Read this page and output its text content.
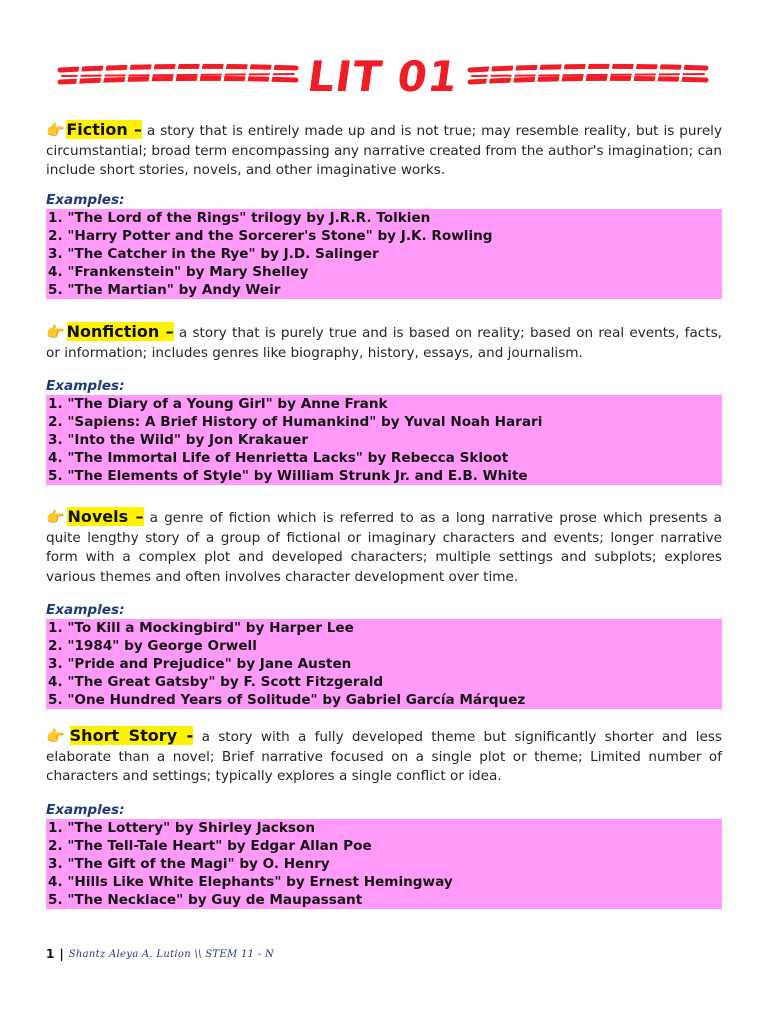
LIT 01

👉Fiction – a story that is entirely made up and is not true; may resemble reality, but is purely circumstantial; broad term encompassing any narrative created from the author's imagination; can include short stories, novels, and other imaginative works.

Examples:

1. "The Lord of the Rings" trilogy by J.R.R. Tolkien
2. "Harry Potter and the Sorcerer's Stone" by J.K. Rowling
3. "The Catcher in the Rye" by J.D. Salinger
4. "Frankenstein" by Mary Shelley
5. "The Martian" by Andy Weir

👉Nonfiction – a story that is purely true and is based on reality; based on real events, facts, or information; includes genres like biography, history, essays, and journalism.

Examples:

1. "The Diary of a Young Girl" by Anne Frank
2. "Sapiens: A Brief History of Humankind" by Yuval Noah Harari
3. "Into the Wild" by Jon Krakauer
4. "The Immortal Life of Henrietta Lacks" by Rebecca Skloot
5. "The Elements of Style" by William Strunk Jr. and E.B. White

👉Novels – a genre of fiction which is referred to as a long narrative prose which presents a quite lengthy story of a group of fictional or imaginary characters and events; longer narrative form with a complex plot and developed characters; multiple settings and subplots; explores various themes and often involves character development over time.

Examples:

1. "To Kill a Mockingbird" by Harper Lee
2. "1984" by George Orwell
3. "Pride and Prejudice" by Jane Austen
4. "The Great Gatsby" by F. Scott Fitzgerald
5. "One Hundred Years of Solitude" by Gabriel García Márquez

👉Short Story - a story with a fully developed theme but significantly shorter and less elaborate than a novel; Brief narrative focused on a single plot or theme; Limited number of characters and settings; typically explores a single conflict or idea.

Examples:

1. "The Lottery" by Shirley Jackson
2. "The Tell-Tale Heart" by Edgar Allan Poe
3. "The Gift of the Magi" by O. Henry
4. "Hills Like White Elephants" by Ernest Hemingway
5. "The Necklace" by Guy de Maupassant
1 | Shantz Aleya A. Lution \\ STEM 11 - N
